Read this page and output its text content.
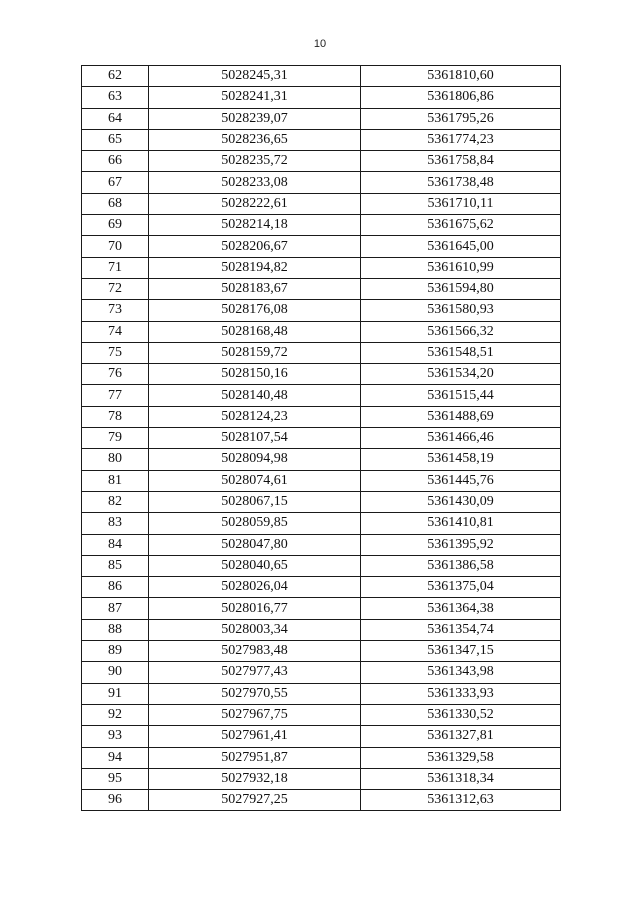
10
62	5028245,31	5361810,60
63	5028241,31	5361806,86
64	5028239,07	5361795,26
65	5028236,65	5361774,23
66	5028235,72	5361758,84
67	5028233,08	5361738,48
68	5028222,61	5361710,11
69	5028214,18	5361675,62
70	5028206,67	5361645,00
71	5028194,82	5361610,99
72	5028183,67	5361594,80
73	5028176,08	5361580,93
74	5028168,48	5361566,32
75	5028159,72	5361548,51
76	5028150,16	5361534,20
77	5028140,48	5361515,44
78	5028124,23	5361488,69
79	5028107,54	5361466,46
80	5028094,98	5361458,19
81	5028074,61	5361445,76
82	5028067,15	5361430,09
83	5028059,85	5361410,81
84	5028047,80	5361395,92
85	5028040,65	5361386,58
86	5028026,04	5361375,04
87	5028016,77	5361364,38
88	5028003,34	5361354,74
89	5027983,48	5361347,15
90	5027977,43	5361343,98
91	5027970,55	5361333,93
92	5027967,75	5361330,52
93	5027961,41	5361327,81
94	5027951,87	5361329,58
95	5027932,18	5361318,34
96	5027927,25	5361312,63
